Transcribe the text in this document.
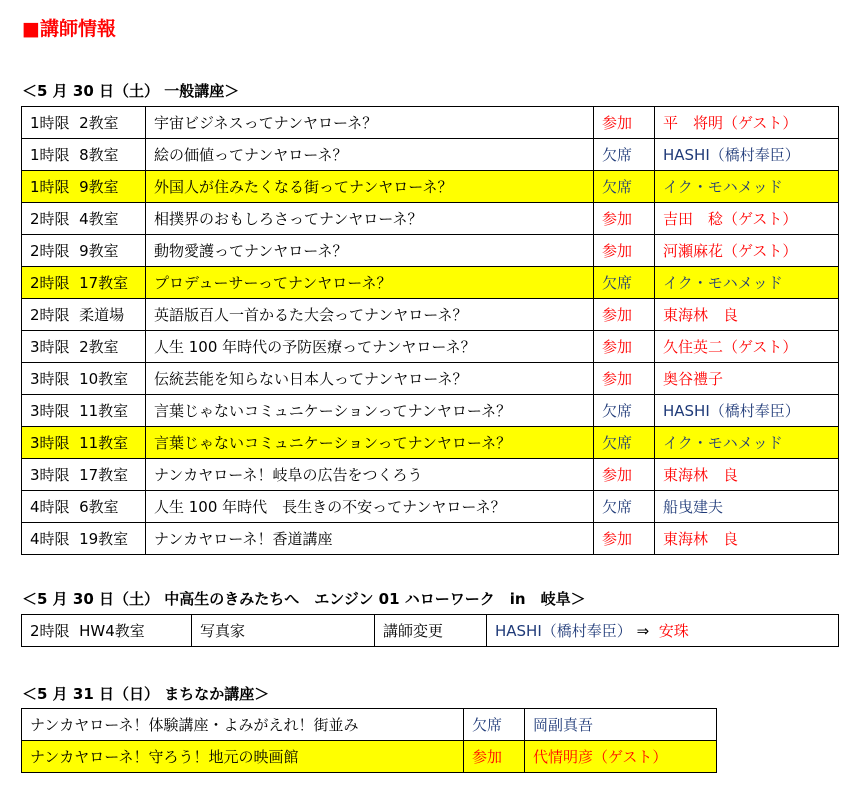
■講師情報
＜5 月 30 日（土） 一般講座＞
1時限  2教室	宇宙ビジネスってナンヤローネ？	参加	平　将明（ゲスト）
1時限  8教室	絵の価値ってナンヤローネ？	欠席	HASHI（橋村奉臣）
1時限  9教室	外国人が住みたくなる街ってナンヤローネ？	欠席	イク・モハメッド
2時限  4教室	相撲界のおもしろさってナンヤローネ？	参加	吉田　稔（ゲスト）
2時限  9教室	動物愛護ってナンヤローネ？	参加	河瀬麻花（ゲスト）
2時限  17教室	プロデューサーってナンヤローネ？	欠席	イク・モハメッド
2時限  柔道場	英語版百人一首かるた大会ってナンヤローネ？	参加	東海林　良
3時限  2教室	人生 100 年時代の予防医療ってナンヤローネ？	参加	久住英二（ゲスト）
3時限  10教室	伝統芸能を知らない日本人ってナンヤローネ？	参加	奥谷禮子
3時限  11教室	言葉じゃないコミュニケーションってナンヤローネ？	欠席	HASHI（橋村奉臣）
3時限  11教室	言葉じゃないコミュニケーションってナンヤローネ？	欠席	イク・モハメッド
3時限  17教室	ナンカヤローネ！岐阜の広告をつくろう	参加	東海林　良
4時限  6教室	人生 100 年時代　長生きの不安ってナンヤローネ？	欠席	船曳建夫
4時限  19教室	ナンカヤローネ！香道講座	参加	東海林　良
＜5 月 30 日（土） 中高生のきみたちへ　エンジン 01 ハローワーク　in　岐阜＞
2時限 HW4教室	写真家	講師変更	HASHI（橋村奉臣） ⇒ 安珠
＜5 月 31 日（日） まちなか講座＞
ナンカヤローネ！体験講座・よみがえれ！街並み	欠席	岡副真吾
ナンカヤローネ！守ろう！地元の映画館	参加	代情明彦（ゲスト）
